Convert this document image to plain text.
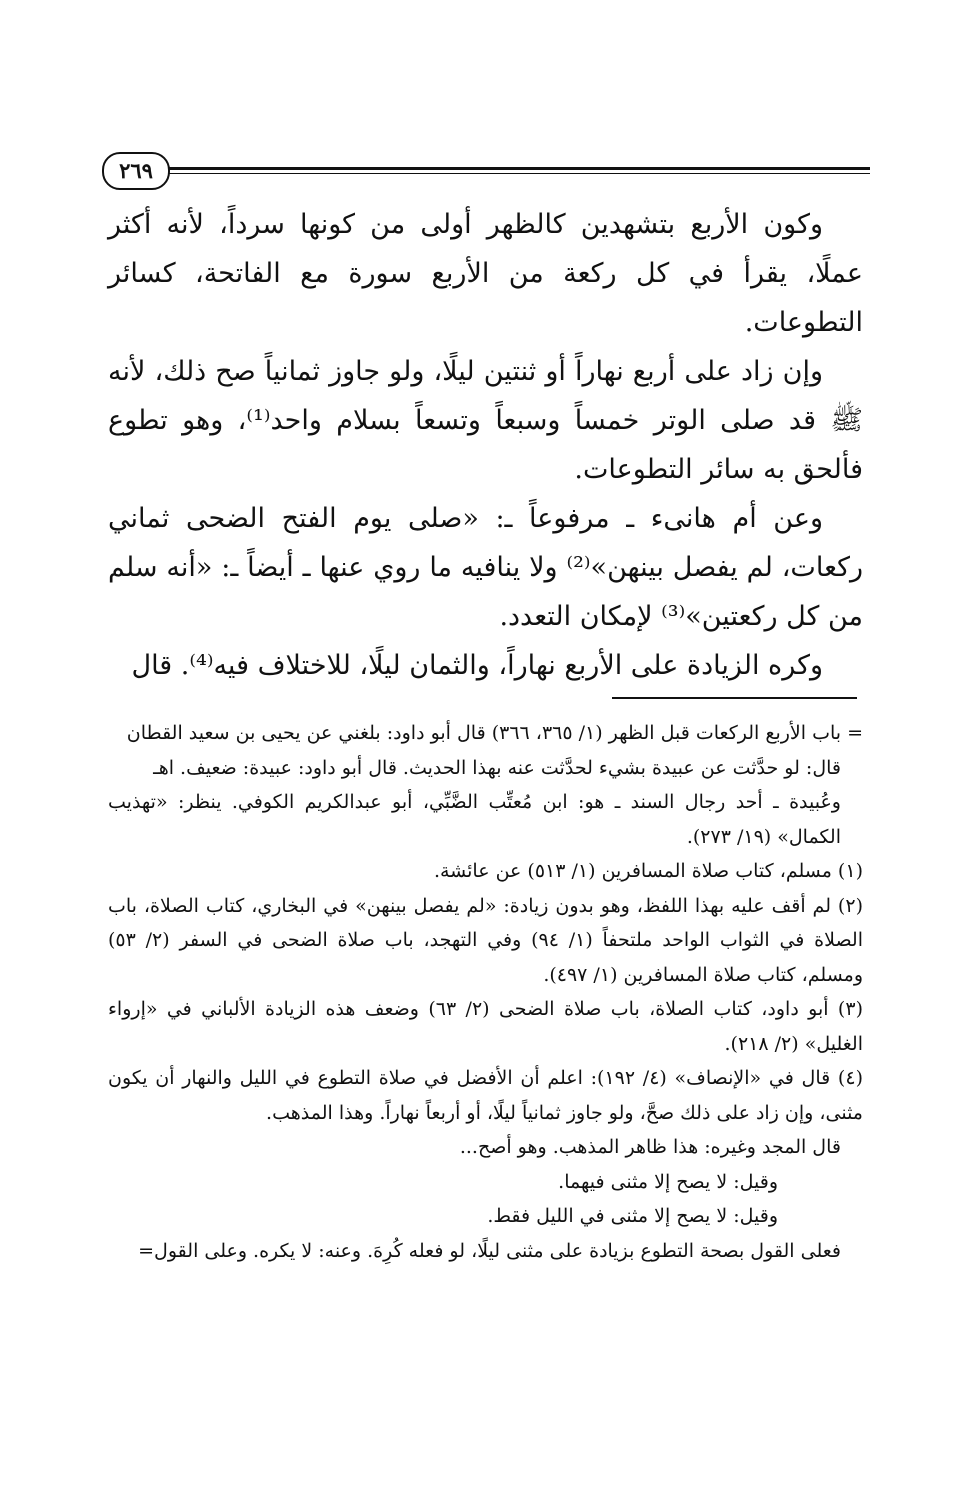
٢٦٩

وكون الأربع بتشهدين كالظهر أولى من كونها سرداً، لأنه أكثر عملًا، يقرأ في كل ركعة من الأربع سورة مع الفاتحة، كسائر التطوعات.

وإن زاد على أربع نهاراً أو ثنتين ليلًا، ولو جاوز ثمانياً صح ذلك، لأنه ﷺ قد صلى الوتر خمساً وسبعاً وتسعاً بسلام واحد⁽¹⁾، وهو تطوع فألحق به سائر التطوعات.

وعن أم هانىء ـ مرفوعاً ـ: «صلى يوم الفتح الضحى ثماني ركعات، لم يفصل بينهن»⁽²⁾ ولا ينافيه ما روي عنها ـ أيضاً ـ: «أنه سلم من كل ركعتين»⁽³⁾ لإمكان التعدد.

وكره الزيادة على الأربع نهاراً، والثمان ليلًا، للاختلاف فيه⁽⁴⁾. قال

= باب الأربع الركعات قبل الظهر (١/ ٣٦٥، ٣٦٦) قال أبو داود: بلغني عن يحيى بن سعيد القطان

قال: لو حدَّثت عن عبيدة بشيء لحدَّثت عنه بهذا الحديث. قال أبو داود: عبيدة: ضعيف. اهـ

وعُبيدة ـ أحد رجال السند ـ هو: ابن مُعتِّب الضَّبِّي، أبو عبدالكريم الكوفي. ينظر: «تهذيب الكمال» (١٩/ ٢٧٣).

(١) مسلم، كتاب صلاة المسافرين (١/ ٥١٣) عن عائشة.

(٢) لم أقف عليه بهذا اللفظ، وهو بدون زيادة: «لم يفصل بينهن» في البخاري، كتاب الصلاة، باب الصلاة في الثواب الواحد ملتحفاً (١/ ٩٤) وفي التهجد، باب صلاة الضحى في السفر (٢/ ٥٣) ومسلم، كتاب صلاة المسافرين (١/ ٤٩٧).

(٣) أبو داود، كتاب الصلاة، باب صلاة الضحى (٢/ ٦٣) وضعف هذه الزيادة الألباني في «إرواء الغليل» (٢/ ٢١٨).

(٤) قال في «الإنصاف» (٤/ ١٩٢): اعلم أن الأفضل في صلاة التطوع في الليل والنهار أن يكون مثنى، وإن زاد على ذلك صحَّ، ولو جاوز ثمانياً ليلًا، أو أربعاً نهاراً. وهذا المذهب.

قال المجد وغيره: هذا ظاهر المذهب. وهو أصح...

وقيل: لا يصح إلا مثنى فيهما.

وقيل: لا يصح إلا مثنى في الليل فقط.

فعلى القول بصحة التطوع بزيادة على مثنى ليلًا، لو فعله كُرِهَ. وعنه: لا يكره. وعلى القول=
